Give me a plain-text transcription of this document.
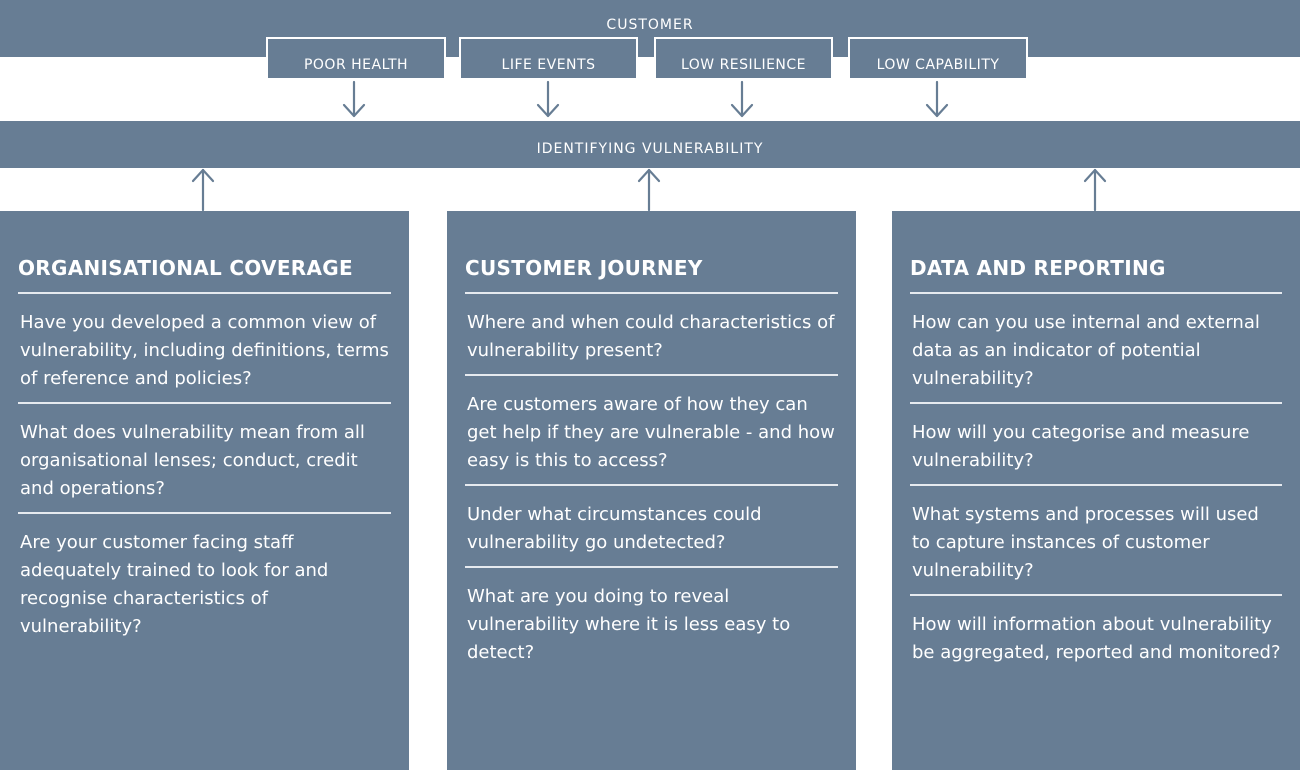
CUSTOMER
POOR HEALTH	LIFE EVENTS	LOW RESILIENCE	LOW CAPABILITY
IDENTIFYING VULNERABILITY
ORGANISATIONAL COVERAGE
Have you developed a common view of vulnerability, including definitions, terms of reference and policies?
What does vulnerability mean from all organisational lenses; conduct, credit and operations?
Are your customer facing staff adequately trained to look for and recognise characteristics of vulnerability?
CUSTOMER JOURNEY
Where and when could characteristics of vulnerability present?
Are customers aware of how they can get help if they are vulnerable - and how easy is this to access?
Under what circumstances could vulnerability go undetected?
What are you doing to reveal vulnerability where it is less easy to detect?
DATA AND REPORTING
How can you use internal and external data as an indicator of potential vulnerability?
How will you categorise and measure vulnerability?
What systems and processes will used to capture instances of customer vulnerability?
How will information about vulnerability be aggregated, reported and monitored?
